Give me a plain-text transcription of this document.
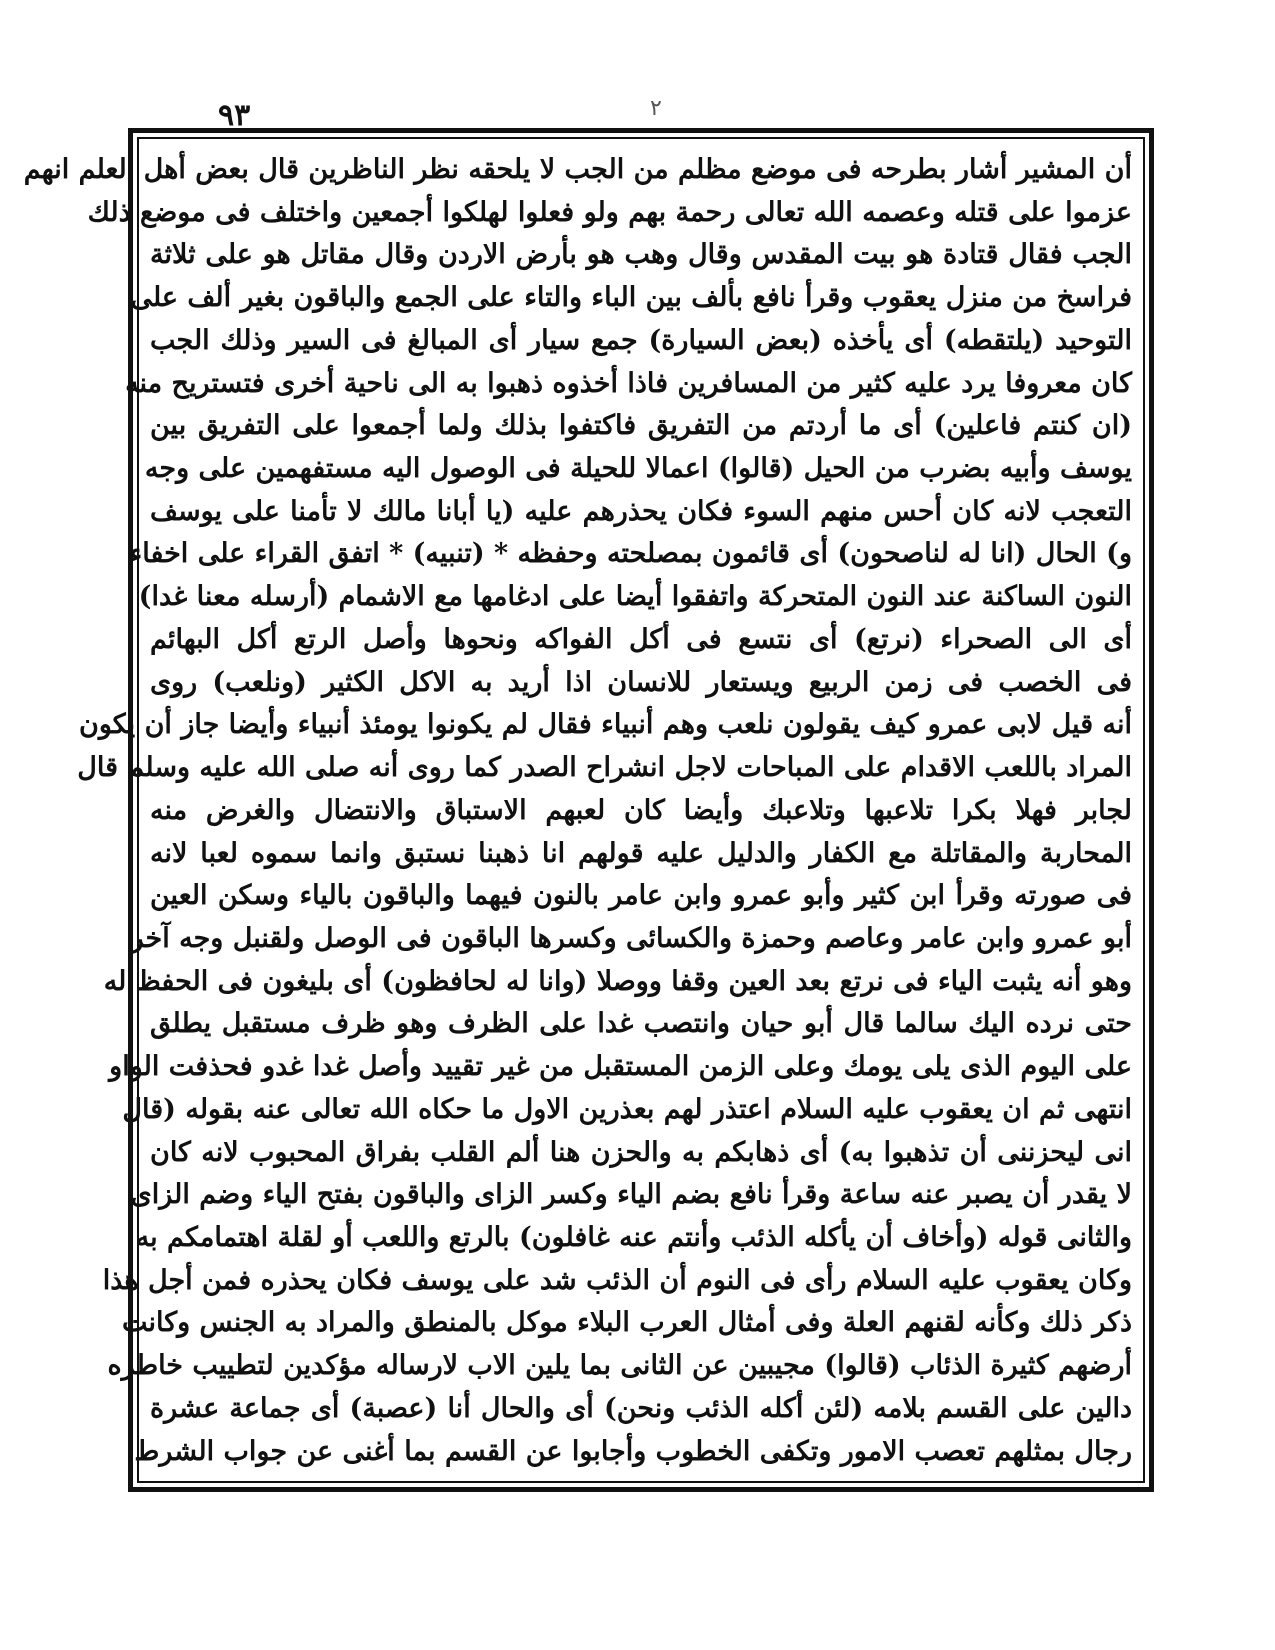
٩٣	٢
أن المشير أشار بطرحه فى موضع مظلم من الجب لا يلحقه نظر الناظرين قال بعض أهل العلم انهم
عزموا على قتله وعصمه الله تعالى رحمة بهم ولو فعلوا لهلكوا أجمعين واختلف فى موضع ذلك
الجب فقال قتادة هو بيت المقدس وقال وهب هو بأرض الاردن وقال مقاتل هو على ثلاثة
فراسخ من منزل يعقوب وقرأ نافع بألف بين الباء والتاء على الجمع والباقون بغير ألف على
التوحيد (يلتقطه) أى يأخذه (بعض السيارة) جمع سيار أى المبالغ فى السير وذلك الجب
كان معروفا يرد عليه كثير من المسافرين فاذا أخذوه ذهبوا به الى ناحية أخرى فتستريح منه
(ان كنتم فاعلين) أى ما أردتم من التفريق فاكتفوا بذلك ولما أجمعوا على التفريق بين
يوسف وأبيه بضرب من الحيل (قالوا) اعمالا للحيلة فى الوصول اليه مستفهمين على وجه
التعجب لانه كان أحس منهم السوء فكان يحذرهم عليه (يا أبانا مالك لا تأمنا على يوسف
و) الحال (انا له لناصحون) أى قائمون بمصلحته وحفظه * (تنبيه) * اتفق القراء على اخفاء
النون الساكنة عند النون المتحركة واتفقوا أيضا على ادغامها مع الاشمام (أرسله معنا غدا)
أى الى الصحراء (نرتع) أى نتسع فى أكل الفواكه ونحوها وأصل الرتع أكل البهائم
فى الخصب فى زمن الربيع ويستعار للانسان اذا أريد به الاكل الكثير (ونلعب) روى
أنه قيل لابى عمرو كيف يقولون نلعب وهم أنبياء فقال لم يكونوا يومئذ أنبياء وأيضا جاز أن يكون
المراد باللعب الاقدام على المباحات لاجل انشراح الصدر كما روى أنه صلى الله عليه وسلم قال
لجابر فهلا بكرا تلاعبها وتلاعبك وأيضا كان لعبهم الاستباق والانتضال والغرض منه
المحاربة والمقاتلة مع الكفار والدليل عليه قولهم انا ذهبنا نستبق وانما سموه لعبا لانه
فى صورته وقرأ ابن كثير وأبو عمرو وابن عامر بالنون فيهما والباقون بالياء وسكن العين
أبو عمرو وابن عامر وعاصم وحمزة والكسائى وكسرها الباقون فى الوصل ولقنبل وجه آخر
وهو أنه يثبت الياء فى نرتع بعد العين وقفا ووصلا (وانا له لحافظون) أى بليغون فى الحفظ له
حتى نرده اليك سالما قال أبو حيان وانتصب غدا على الظرف وهو ظرف مستقبل يطلق
على اليوم الذى يلى يومك وعلى الزمن المستقبل من غير تقييد وأصل غدا غدو فحذفت الواو
انتهى ثم ان يعقوب عليه السلام اعتذر لهم بعذرين الاول ما حكاه الله تعالى عنه بقوله (قال
انى ليحزننى أن تذهبوا به) أى ذهابكم به والحزن هنا ألم القلب بفراق المحبوب لانه كان
لا يقدر أن يصبر عنه ساعة وقرأ نافع بضم الياء وكسر الزاى والباقون بفتح الياء وضم الزاى
والثانى قوله (وأخاف أن يأكله الذئب وأنتم عنه غافلون) بالرتع واللعب أو لقلة اهتمامكم به
وكان يعقوب عليه السلام رأى فى النوم أن الذئب شد على يوسف فكان يحذره فمن أجل هذا
ذكر ذلك وكأنه لقنهم العلة وفى أمثال العرب البلاء موكل بالمنطق والمراد به الجنس وكانت
أرضهم كثيرة الذئاب (قالوا) مجيبين عن الثانى بما يلين الاب لارساله مؤكدين لتطييب خاطره
دالين على القسم بلامه (لئن أكله الذئب ونحن) أى والحال أنا (عصبة) أى جماعة عشرة
رجال بمثلهم تعصب الامور وتكفى الخطوب وأجابوا عن القسم بما أغنى عن جواب الشرط
